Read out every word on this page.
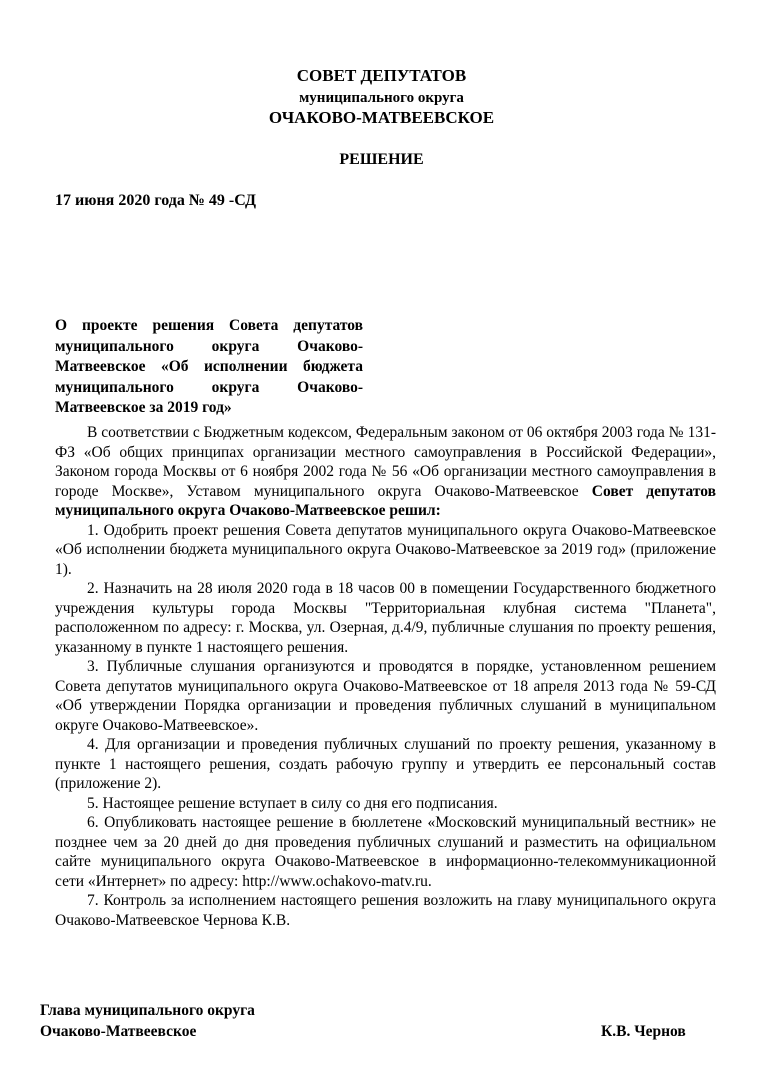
СОВЕТ ДЕПУТАТОВ
муниципального округа
ОЧАКОВО-МАТВЕЕВСКОЕ
РЕШЕНИЕ
17 июня 2020 года № 49 -СД
О проекте решения Совета депутатов муниципального округа Очаково-Матвеевское «Об исполнении бюджета муниципального округа Очаково-Матвеевское за 2019 год»

В соответствии с Бюджетным кодексом, Федеральным законом от 06 октября 2003 года № 131-ФЗ «Об общих принципах организации местного самоуправления в Российской Федерации», Законом города Москвы от 6 ноября 2002 года № 56 «Об организации местного самоуправления в городе Москве», Уставом муниципального округа Очаково-Матвеевское Совет депутатов муниципального округа Очаково-Матвеевское решил:

1. Одобрить проект решения Совета депутатов муниципального округа Очаково-Матвеевское «Об исполнении бюджета муниципального округа Очаково-Матвеевское за 2019 год» (приложение 1).

2. Назначить на 28 июля 2020 года в 18 часов 00 в помещении Государственного бюджетного учреждения культуры города Москвы "Территориальная клубная система "Планета", расположенном по адресу: г. Москва, ул. Озерная, д.4/9, публичные слушания по проекту решения, указанному в пункте 1 настоящего решения.

3. Публичные слушания организуются и проводятся в порядке, установленном решением Совета депутатов муниципального округа Очаково-Матвеевское от 18 апреля 2013 года № 59-СД «Об утверждении Порядка организации и проведения публичных слушаний в муниципальном округе Очаково-Матвеевское».

4. Для организации и проведения публичных слушаний по проекту решения, указанному в пункте 1 настоящего решения, создать рабочую группу и утвердить ее персональный состав (приложение 2).

5. Настоящее решение вступает в силу со дня его подписания.

6. Опубликовать настоящее решение в бюллетене «Московский муниципальный вестник» не позднее чем за 20 дней до дня проведения публичных слушаний и разместить на официальном сайте муниципального округа Очаково-Матвеевское в информационно-телекоммуникационной сети «Интернет» по адресу: http://www.ochakovo-matv.ru.

7. Контроль за исполнением настоящего решения возложить на главу муниципального округа Очаково-Матвеевское Чернова К.В.

Глава муниципального округа
Очаково-Матвеевское	К.В. Чернов
